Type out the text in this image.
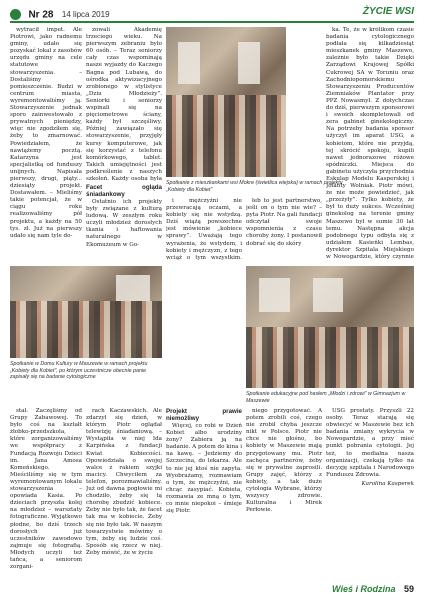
Nr 28 14 lipca 2019	ŻYCIE WSI

wytracił impet. Ale Piotrowi, jako radnemu gminy, udało się pozyskać lokal z zasobów urzędu gminy na cele statutowe stowarzyszenia. – Dostaliśmy pomieszczenie. Budzi w centrum miasta, wyremontowaliśmy ją. Stowarzyszenie jednak sporo zainwestowało z prywatnych pieniędzy, więc nie zgodziłem się, żeby to zmarnować. Powiedziałem, że nawiążemy pocztą. Katarzyna jest specjalistką od funduszy unijnych. Napisała pierwszy, drugi, piąty... dziesiąty projekt. Dostawałem. – Mieliśmy takie potencjał, że w ciągu roku realizowaliśmy pół projektu, a każdy na 50 tys. zł. Już na pierwszy udało się nam tyle do-

zowali Akademię trzeciego wieku. Na pierwszym zebraniu było 60 osób. – Teraz seniorzy cały czas wspominają nasze wyjazdy do Kaczego Bagna pod Lubawą, do ośrodka aktywizacyjnego zrobionego w stylistyce „Dziu Młodzieży”. Seniorki i seniorzy wspinali się na pięciometrowe ściany, każdy był szczęśliwy. Później zawiązało się stowarzyszenie, przyjęły kursy komputerowe, jak się korzystać z telefonu komórkowego, tablet. Takich umiejętności jest podkreślenie z naszych szkoleń. Każdy osoba była

Facet ogląda śniadankowy

Ostatnio ich projekty były związane z kulturą ludową. W zeszłym roku uczyli młodzież dorosłych tkania i haftowania naturalnego w Ekomuzeum w Go-

Spotkanie z mieszkankami wsi Mokre (świetlica wiejska) w ramach projektu „Kobiety dla Kobiet”

i mężczyźni nie przewracają oczami, a kobiety się nie wstydzą. Dziś wiążą powszechne jest mówienie „kobiece sprawy”. Uważają tego wyrażenia, że wstydem, i kobiety i mężczyzn, z tego wciąż o tym wszystkim.

łeb to jest partnerstwo, jeśli on o tym nie wie? – pyta Piotr. Na gali fundacji odczytał swoje wspomnienia z czasu choroby żony. I postanowił dobrać się do skóry

ka. Te, że w królikom czasie badania cytologicznego podłała się kilkadziesiąt mieszkanek gminy Maszewo, zależnie było takie Dzięki Zarządowi Krajowej Spółki Cukrowej SA w Toruniu oraz Zachodniopomorskiemu Stowarzyszeniu Producentów Ziemniaków Plantator przy PPZ Nowasmył. Z dotychczas do dziś, pierwszym sponsorowi i swoich skompletowali od zera gabinet ginekologiczny. Na potrzeby badania sponsor użyczył im aparat USG, a kobietom, które nie przyjdą, tej skrócić spokoju, kupili nawet jednorazowe różowe spódniczki. Miejsca do gabinetu użyczyła przychodnia Eskulap Modelu Kasperskiej i Jolanty Wolniak. Piotr mówi, że nie może powiedzieć, jak „przeżyły”. Tylko kobiety, że był to duży sukces. Wcześniej ginekolog na terenie gminy Maszewo był w sumie 30 lat temu. Następna akcja podobnego typu odbyła się z udziałem Kasieńki Lembas, dyrektor Szpitala Miejskiego w Nowogardzie, który czynnie

Spotkanie w Domu Kultury w Maszewie w ramach projektu „Kobiety dla Kobiet”, po którym uczestnicze obecnie panie zapisały się na badanie cytologiczne
Spotkanie edukacyjne pod hasłem „Młodzi i zdrowi” w Gimnazjum w Maszewie

stał. Zaczęliśmy od Grupy Zabawowej. To było coś na kształt żłobko-przedszkola, które zorganizowaliśmy we współpracy z Fundacją Rozwoju Dzieci im. Jana Amosa Komeńskiego. Mieściliśmy się w tym wyremontowanym lokalu stowarzyszenia – opowiada Kasia. Po dzieciach przyszła kolej na młodzież – warsztaty fotograficzne. Wyjątkowo płodne, bo dziś trzech dorosłych już uczestników zawodowo zajmuje się fotografią. Młodych uczyli też tańca, a seniorom zorgani-

rach Kaczawskich. Ale zdarzył się dzień, w którym Piotr oglądał telewizję śniadaniową. – Wystąpiła w niej Ida Karpińska z fundacji Kwiat Kobiecości. Opowiedziała o swojej walce z rakiem szyjki macicy. Chwyciłem za telefon, porozmawialiśmy. Już od dawna pogłowie mi chodziło, żeby się tą chorobę zbudzić kobiece. Żeby nie było tak, że facet tak ma w kobiecie. Żeby się nie było tak. W naszym towarzystwie mówimy o tym, żeby się ludzie coś. Sposób się rzecz w niej. Żeby mówić, że w życiu

Projekt prawie niemożliwy

Więcej, co robi w Dzień Kobiet albo urodziny żony? Zabiera ją na badanie. A potem do kina i na kawę. – Jedziemy do Szczecina, do lekarza. Ale to nie jej ktoś nie zapyta. Wyobrażamy, rozmawiam o tym, że mężczyźni, nie chcąc zasypiać. Kobieta, rozmawia ze mną o tym, co mnie niepokoi – śmieje się Piotr.

niego przygotować. A potem zrobili coś, czego nie zrobił chyba jeszcze nikt w Polsce. Piotr nie chce nie głośno, bo kobiety w Maszewie mają przygotowany mu. Piotr zachęca partnerów, żeby się w prywatne zaprosili. Grupy zajęć, którzy z kobiety, a tak duże cytologia Wybrane, którzy wszyscy zdrowie. Kulturalna i Mirek Perłowie.

USG prostaty. Przyszli 22 osoby. Teraz starają się obwiecyć w Maszewie bez ich badania zmiany wykrycia w Nowogardzie, a przy mieć punkt pobrania cytologii. Jej też, to medialna nasza organizacji, czekają tylko na decyzję szpitala i Narodowego Funduszu Zdrowia.

Karolina Kasperek
Wieś i Rodzina 59
